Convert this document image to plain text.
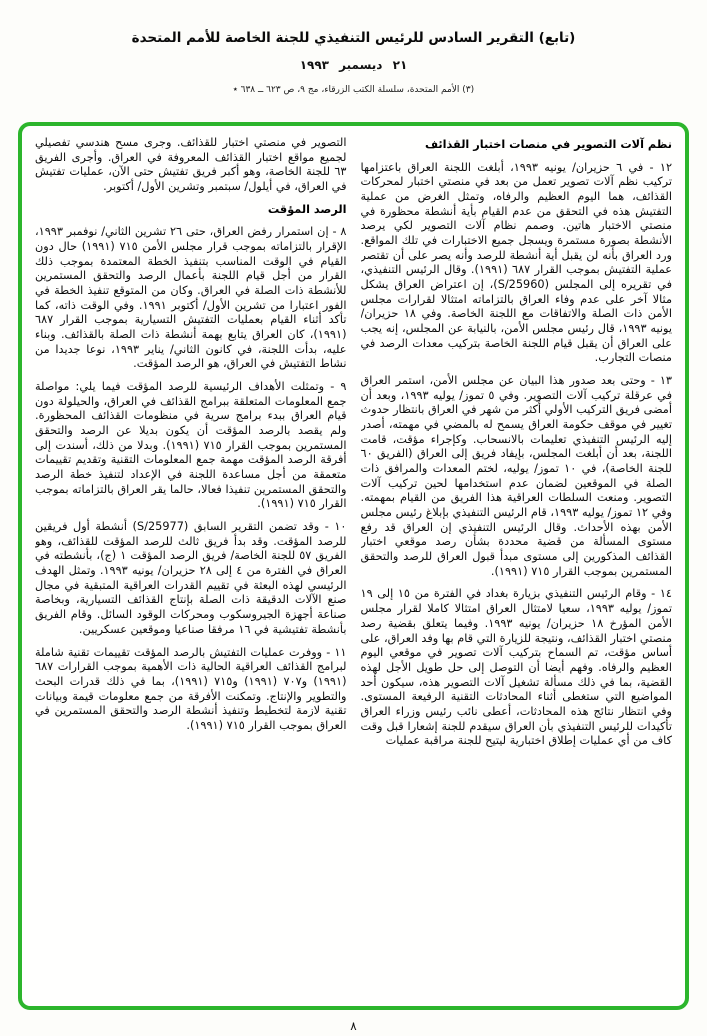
(تابع) التقرير السادس للرئيس التنفيذي للجنة الخاصة للأمم المتحدة
٢١ ديسمبر ١٩٩٣
(٣) الأمم المتحدة، سلسلة الكتب الزرقاء، مج ٩، ص ٦٢٣ ــ ٦٣٨ ٭
نظم آلات التصوير في منصات اختبار القذائف

١٢ - في ٦ حزيران/ يونيه ١٩٩٣، أبلغت اللجنة العراق باعتزامها تركيب نظم آلات تصوير تعمل من بعد في منصتي اختبار لمحركات القذائف، هما اليوم العظيم والرفاه، وتمثل الغرض من عملية التفتيش هذه في التحقق من عدم القيام بأية أنشطة محظورة في منصتي الاختبار هاتين. وصمم نظام آلات التصوير لكي يرصد الأنشطة بصورة مستمرة ويسجل جميع الاختبارات في تلك المواقع. ورد العراق بأنه لن يقبل أية أنشطة للرصد وأنه يصر على أن تقتصر عملية التفتيش بموجب القرار ٦٨٧ (١٩٩١). وقال الرئيس التنفيذي، في تقريره إلى المجلس (S/25960)، إن اعتراض العراق يشكل مثالا آخر على عدم وفاء العراق بالتزاماته امتثالا لقرارات مجلس الأمن ذات الصلة والاتفاقات مع اللجنة الخاصة. وفي ١٨ حزيران/ يونيه ١٩٩٣، قال رئيس مجلس الأمن، بالنيابة عن المجلس، إنه يجب على العراق أن يقبل قيام اللجنة الخاصة بتركيب معدات الرصد في منصات التجارب.

١٣ - وحتى بعد صدور هذا البيان عن مجلس الأمن، استمر العراق في عرقلة تركيب آلات التصوير. وفي ٥ تموز/ يوليه ١٩٩٣، وبعد أن أمضى فريق التركيب الأولي أكثر من شهر في العراق بانتظار حدوث تغيير في موقف حكومة العراق يسمح له بالمضي في مهمته، أصدر إليه الرئيس التنفيذي تعليمات بالانسحاب. وكإجراء مؤقت، قامت اللجنة، بعد أن أبلغت المجلس، بإيفاد فريق إلى العراق (الفريق ٦٠ للجنة الخاصة)، في ١٠ تموز/ يوليه، لختم المعدات والمرافق ذات الصلة في الموقعين لضمان عدم استخدامها لحين تركيب آلات التصوير. ومنعت السلطات العراقية هذا الفريق من القيام بمهمته. وفي ١٢ تموز/ يوليه ١٩٩٣، قام الرئيس التنفيذي بإبلاغ رئيس مجلس الأمن بهذه الأحداث. وقال الرئيس التنفيذي إن العراق قد رفع مستوى المسألة من قضية محددة بشأن رصد موقعي اختبار القذائف المذكورين إلى مستوى مبدأ قبول العراق للرصد والتحقق المستمرين بموجب القرار ٧١٥ (١٩٩١).

١٤ - وقام الرئيس التنفيذي بزيارة بغداد في الفترة من ١٥ إلى ١٩ تموز/ يوليه ١٩٩٣، سعيا لامتثال العراق امتثالا كاملا لقرار مجلس الأمن المؤرخ ١٨ حزيران/ يونيه ١٩٩٣. وفيما يتعلق بقضية رصد منصتي اختبار القذائف، ونتيجة للزيارة التي قام بها وفد العراق، على أساس مؤقت، تم السماح بتركيب آلات تصوير في موقعي اليوم العظيم والرفاه. وفهم أيضا أن التوصل إلى حل طويل الأجل لهذه القضية، بما في ذلك مسألة تشغيل آلات التصوير هذه، سيكون أحد المواضيع التي ستغطى أثناء المحادثات التقنية الرفيعة المستوى. وفي انتظار نتائج هذه المحادثات، أعطى نائب رئيس وزراء العراق تأكيدات للرئيس التنفيذي بأن العراق سيقدم للجنة إشعارا قبل وقت كاف من أي عمليات إطلاق اختبارية ليتيح للجنة مراقبة عمليات

التصوير في منصتي اختبار للقذائف. وجرى مسح هندسي تفصيلي لجميع مواقع اختبار القذائف المعروفة في العراق. وأجرى الفريق ٦٣ للجنة الخاصة، وهو أكبر فريق تفتيش حتى الآن، عمليات تفتيش في العراق، في أيلول/ سبتمبر وتشرين الأول/ أكتوبر.

الرصد المؤقت

٨ - إن استمرار رفض العراق، حتى ٢٦ تشرين الثاني/ نوفمبر ١٩٩٣، الإقرار بالتزاماته بموجب قرار مجلس الأمن ٧١٥ (١٩٩١) حال دون القيام في الوقت المناسب بتنفيذ الخطة المعتمدة بموجب ذلك القرار من أجل قيام اللجنة بأعمال الرصد والتحقق المستمرين للأنشطة ذات الصلة في العراق. وكان من المتوقع تنفيذ الخطة في الفور اعتبارا من تشرين الأول/ أكتوبر ١٩٩١. وفي الوقت ذاته، كما تأكد أثناء القيام بعمليات التفتيش التسيارية بموجب القرار ٦٨٧ (١٩٩١)، كان العراق يتابع بهمة أنشطة ذات الصلة بالقذائف. وبناء عليه، بدأت اللجنة، في كانون الثاني/ يناير ١٩٩٣، نوعا جديدا من نشاط التفتيش في العراق، هو الرصد المؤقت.

٩ - وتمثلت الأهداف الرئيسية للرصد المؤقت فيما يلي: مواصلة جمع المعلومات المتعلقة ببرامج القذائف في العراق، والحيلولة دون قيام العراق ببدء برامج سرية في منظومات القذائف المحظورة. ولم يقصد بالرصد المؤقت أن يكون بديلا عن الرصد والتحقق المستمرين بموجب القرار ٧١٥ (١٩٩١). وبدلا من ذلك، أسندت إلى أفرقة الرصد المؤقت مهمة جمع المعلومات التقنية وتقديم تقييمات متعمقة من أجل مساعدة اللجنة في الإعداد لتنفيذ خطة الرصد والتحقق المستمرين تنفيذا فعالا، حالما يقر العراق بالتزاماته بموجب القرار ٧١٥ (١٩٩١).

١٠ - وقد تضمن التقرير السابق (S/25977) أنشطة أول فريقين للرصد المؤقت. وقد بدأ فريق ثالث للرصد المؤقت للقذائف، وهو الفريق ٥٧ للجنة الخاصة/ فريق الرصد المؤقت ١ (ج)، بأنشطته في العراق في الفترة من ٤ إلى ٢٨ حزيران/ يونيه ١٩٩٣. وتمثل الهدف الرئيسي لهذه البعثة في تقييم القدرات العراقية المتبقية في مجال صنع الآلات الدقيقة ذات الصلة بإنتاج القذائف التسيارية، وبخاصة صناعة أجهزة الجيروسكوب ومحركات الوقود السائل. وقام الفريق بأنشطة تفتيشية في ١٦ مرفقا صناعيا وموقعين عسكريين.

١١ - ووفرت عمليات التفتيش بالرصد المؤقت تقييمات تقنية شاملة لبرامج القذائف العراقية الحالية ذات الأهمية بموجب القرارات ٦٨٧ (١٩٩١) و٧٠٧ (١٩٩١) و٧١٥ (١٩٩١)، بما في ذلك قدرات البحث والتطوير والإنتاج. وتمكنت الأفرقة من جمع معلومات قيمة وبيانات تقنية لازمة لتخطيط وتنفيذ أنشطة الرصد والتحقق المستمرين في العراق بموجب القرار ٧١٥ (١٩٩١).

٨
